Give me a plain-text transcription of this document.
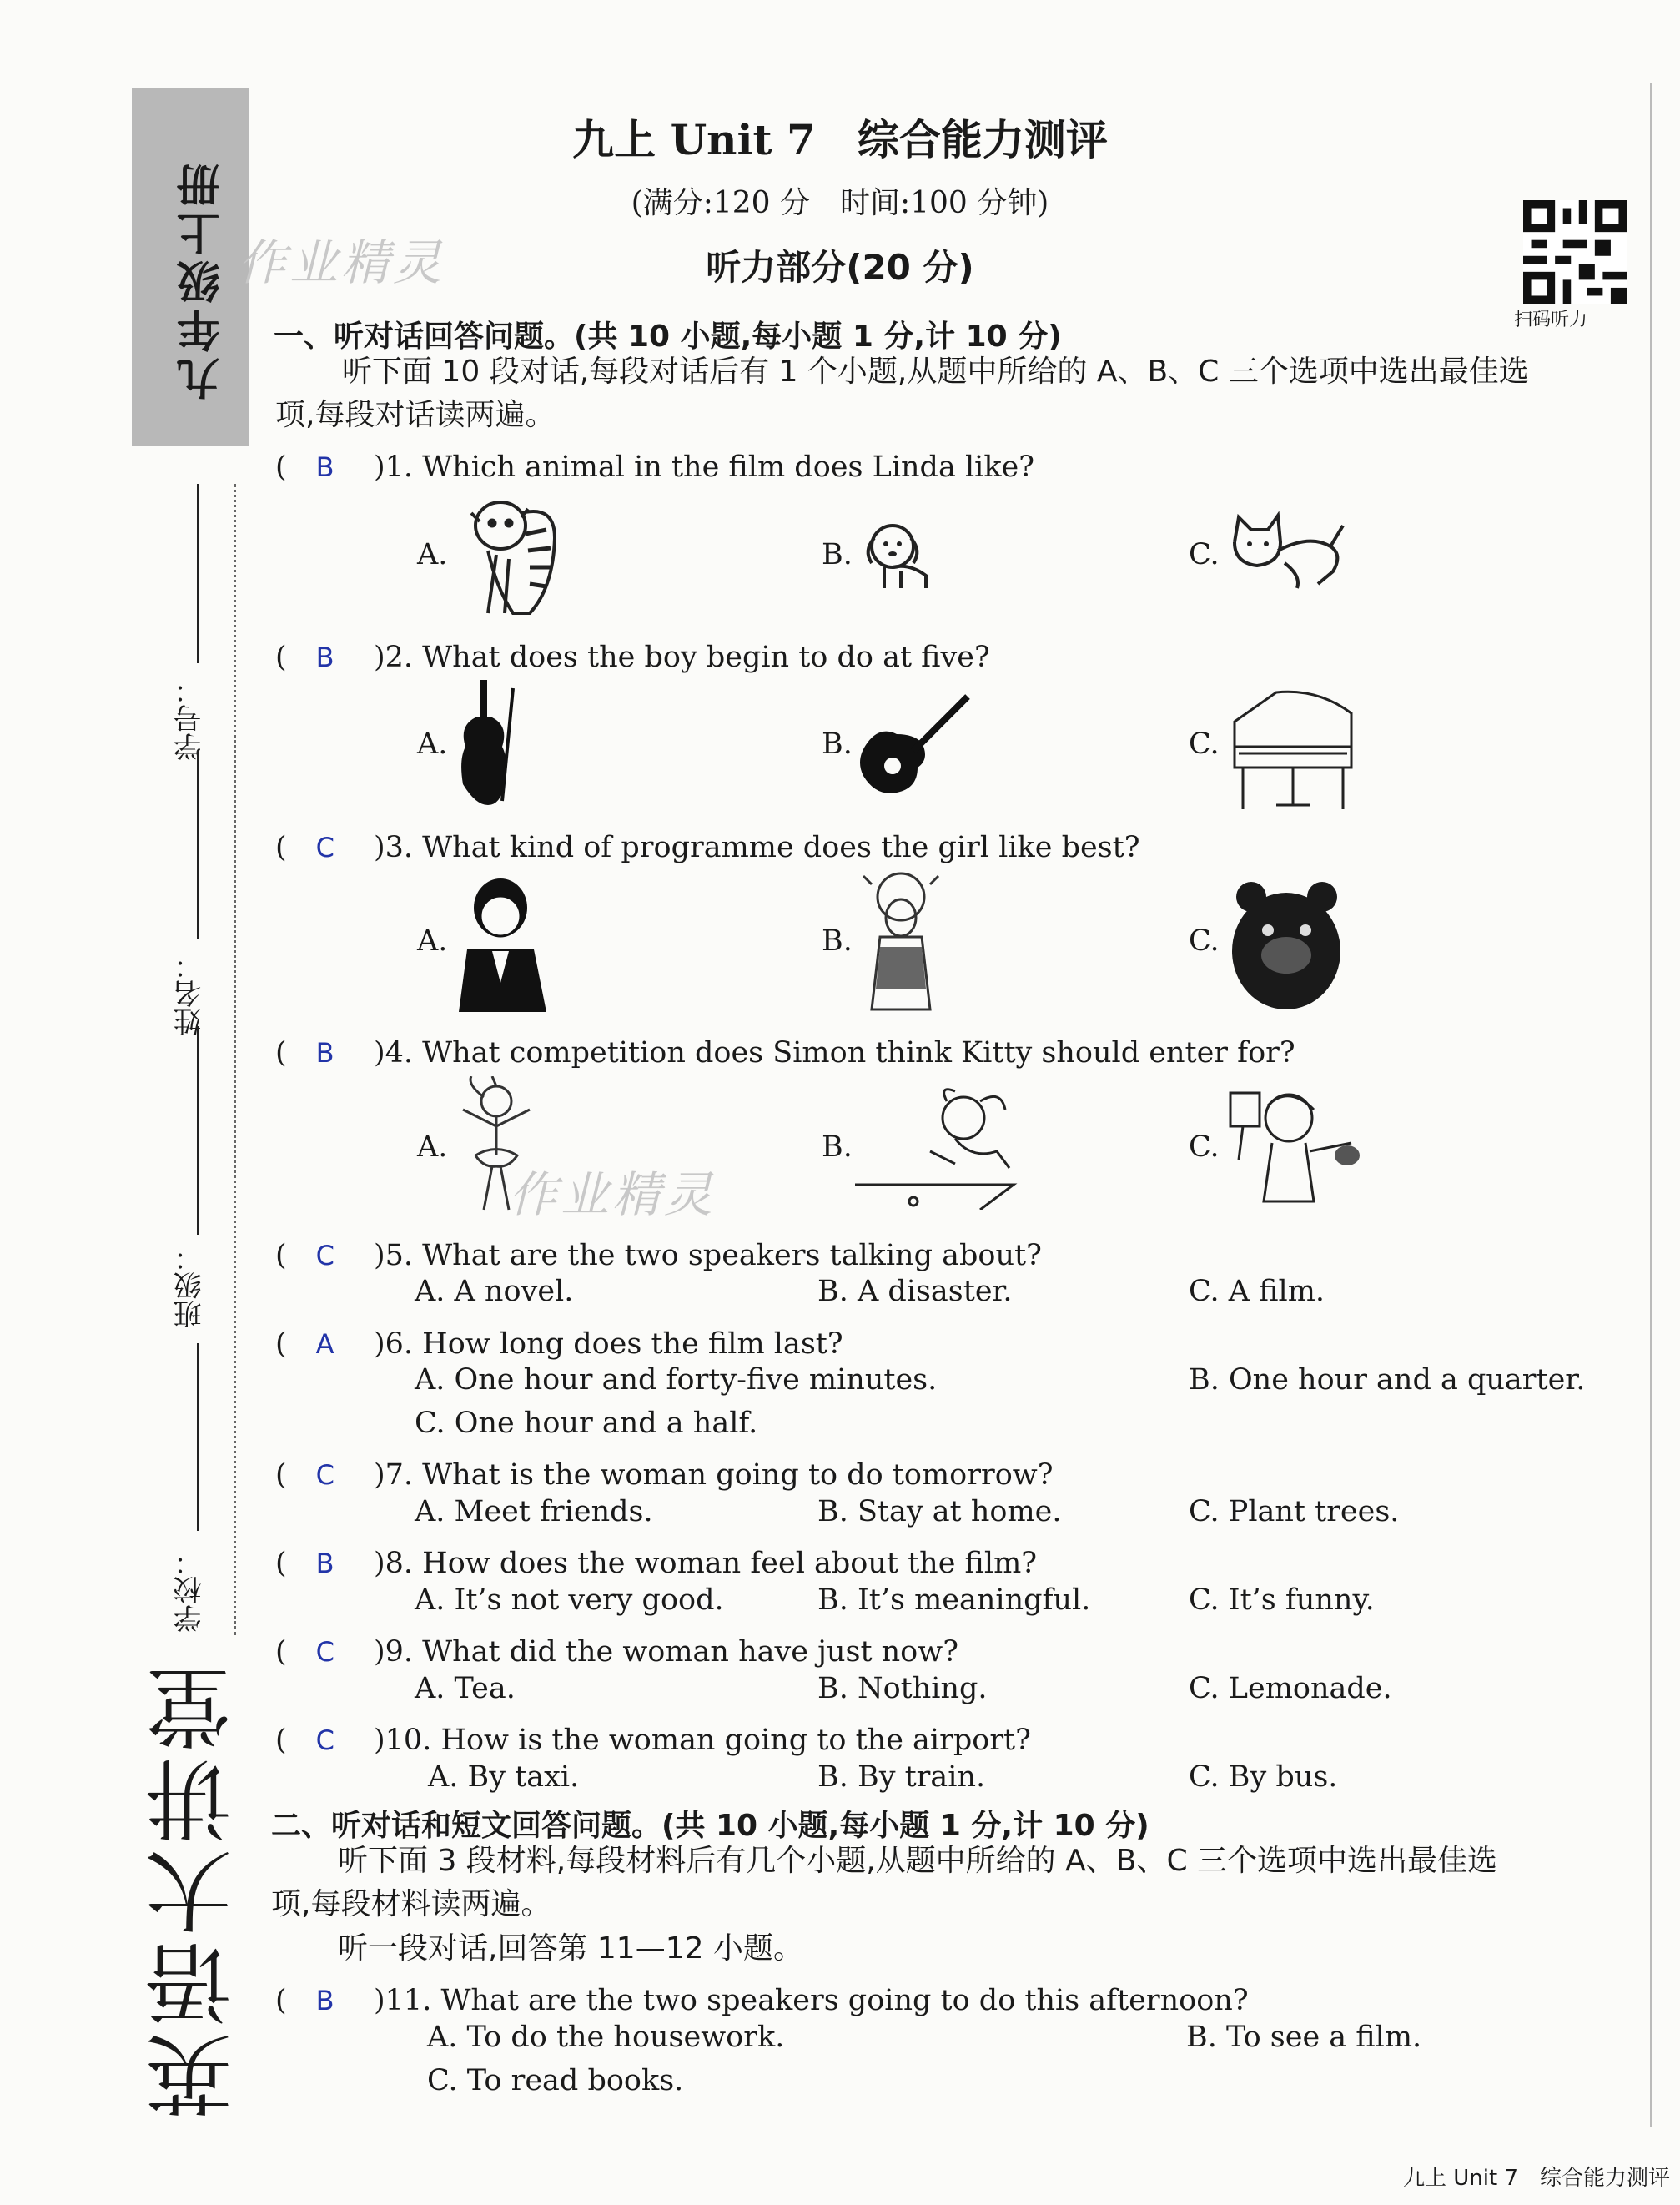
九年级上册
学号：
姓名：
班级：
学校：
英语大讲堂
作业精灵
作业精灵
九上 Unit 7　综合能力测评
(满分:120 分　时间:100 分钟)
听力部分(20 分)
扫码听力
一、听对话回答问题。(共 10 小题,每小题 1 分,计 10 分)
听下面 10 段对话,每段对话后有 1 个小题,从题中所给的 A、B、C 三个选项中选出最佳选
项,每段对话读两遍。
(　B )1. Which animal in the film does Linda like?
A.	B.	C.
(　B )2. What does the boy begin to do at five?
A.	B.	C.
(　C )3. What kind of programme does the girl like best?
A.	B.	C.
(　B )4. What competition does Simon think Kitty should enter for?
A.	B.	C.
(　C )5. What are the two speakers talking about?
A. A novel.	B. A disaster.	C. A film.
(　A )6. How long does the film last?
A. One hour and forty-five minutes.	B. One hour and a quarter.
C. One hour and a half.
(　C )7. What is the woman going to do tomorrow?
A. Meet friends.	B. Stay at home.	C. Plant trees.
(　B )8. How does the woman feel about the film?
A. It’s not very good.	B. It’s meaningful.	C. It’s funny.
(　C )9. What did the woman have just now?
A. Tea.	B. Nothing.	C. Lemonade.
(　C )10. How is the woman going to the airport?
A. By taxi.	B. By train.	C. By bus.
二、听对话和短文回答问题。(共 10 小题,每小题 1 分,计 10 分)
听下面 3 段材料,每段材料后有几个小题,从题中所给的 A、B、C 三个选项中选出最佳选
项,每段材料读两遍。
听一段对话,回答第 11—12 小题。
(　B )11. What are the two speakers going to do this afternoon?
A. To do the housework.	B. To see a film.
C. To read books.
九上 Unit 7　综合能力测评
